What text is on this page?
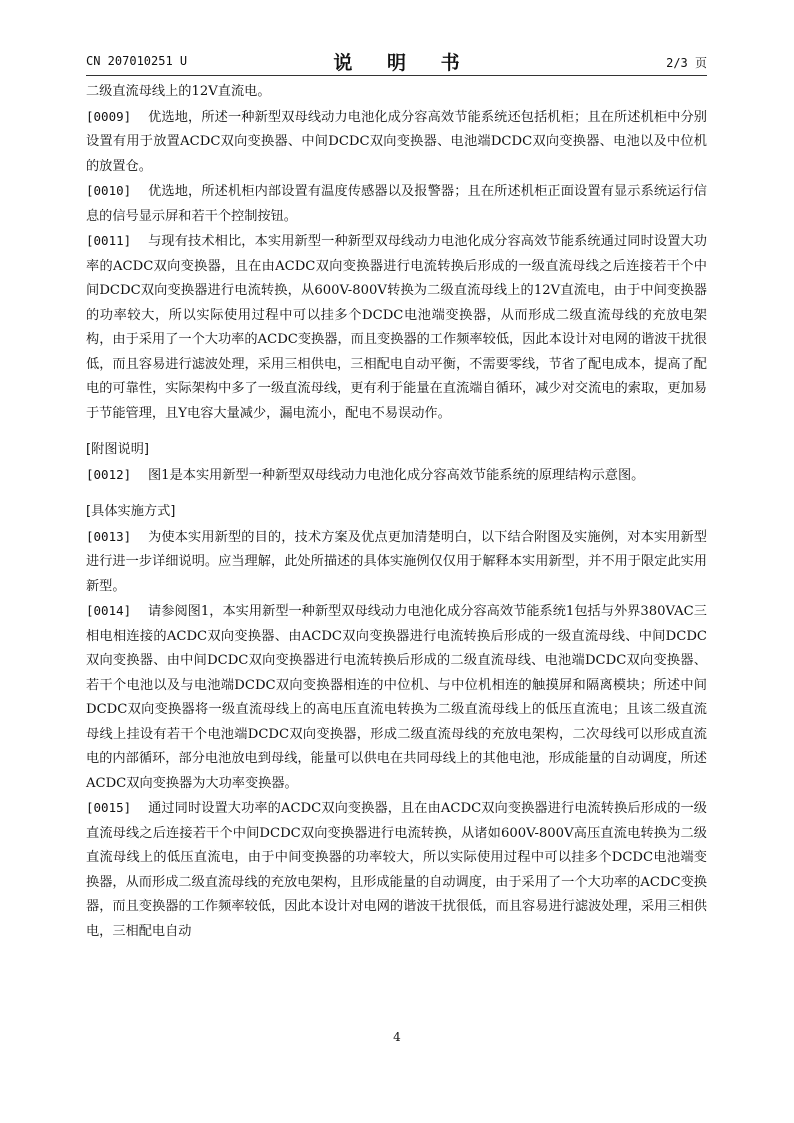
CN 207010251 U	说 明 书	2/3 页

二级直流母线上的12V直流电。

[0009] 优选地，所述一种新型双母线动力电池化成分容高效节能系统还包括机柜；且在所述机柜中分别设置有用于放置ACDC双向变换器、中间DCDC双向变换器、电池端DCDC双向变换器、电池以及中位机的放置仓。

[0010] 优选地，所述机柜内部设置有温度传感器以及报警器；且在所述机柜正面设置有显示系统运行信息的信号显示屏和若干个控制按钮。

[0011] 与现有技术相比，本实用新型一种新型双母线动力电池化成分容高效节能系统通过同时设置大功率的ACDC双向变换器，且在由ACDC双向变换器进行电流转换后形成的一级直流母线之后连接若干个中间DCDC双向变换器进行电流转换，从600V-800V转换为二级直流母线上的12V直流电，由于中间变换器的功率较大，所以实际使用过程中可以挂多个DCDC电池端变换器，从而形成二级直流母线的充放电架构，由于采用了一个大功率的ACDC变换器，而且变换器的工作频率较低，因此本设计对电网的谐波干扰很低，而且容易进行滤波处理，采用三相供电，三相配电自动平衡，不需要零线，节省了配电成本，提高了配电的可靠性，实际架构中多了一级直流母线，更有利于能量在直流端自循环，减少对交流电的索取，更加易于节能管理，且Y电容大量减少，漏电流小，配电不易误动作。

[附图说明]

[0012] 图1是本实用新型一种新型双母线动力电池化成分容高效节能系统的原理结构示意图。

[具体实施方式]

[0013] 为使本实用新型的目的，技术方案及优点更加清楚明白，以下结合附图及实施例，对本实用新型进行进一步详细说明。应当理解，此处所描述的具体实施例仅仅用于解释本实用新型，并不用于限定此实用新型。

[0014] 请参阅图1，本实用新型一种新型双母线动力电池化成分容高效节能系统1包括与外界380VAC三相电相连接的ACDC双向变换器、由ACDC双向变换器进行电流转换后形成的一级直流母线、中间DCDC双向变换器、由中间DCDC双向变换器进行电流转换后形成的二级直流母线、电池端DCDC双向变换器、若干个电池以及与电池端DCDC双向变换器相连的中位机、与中位机相连的触摸屏和隔离模块；所述中间DCDC双向变换器将一级直流母线上的高电压直流电转换为二级直流母线上的低压直流电；且该二级直流母线上挂设有若干个电池端DCDC双向变换器，形成二级直流母线的充放电架构，二次母线可以形成直流电的内部循环，部分电池放电到母线，能量可以供电在共同母线上的其他电池，形成能量的自动调度，所述ACDC双向变换器为大功率变换器。

[0015] 通过同时设置大功率的ACDC双向变换器，且在由ACDC双向变换器进行电流转换后形成的一级直流母线之后连接若干个中间DCDC双向变换器进行电流转换，从诸如600V-800V高压直流电转换为二级直流母线上的低压直流电，由于中间变换器的功率较大，所以实际使用过程中可以挂多个DCDC电池端变换器，从而形成二级直流母线的充放电架构，且形成能量的自动调度，由于采用了一个大功率的ACDC变换器，而且变换器的工作频率较低，因此本设计对电网的谐波干扰很低，而且容易进行滤波处理，采用三相供电，三相配电自动

4
